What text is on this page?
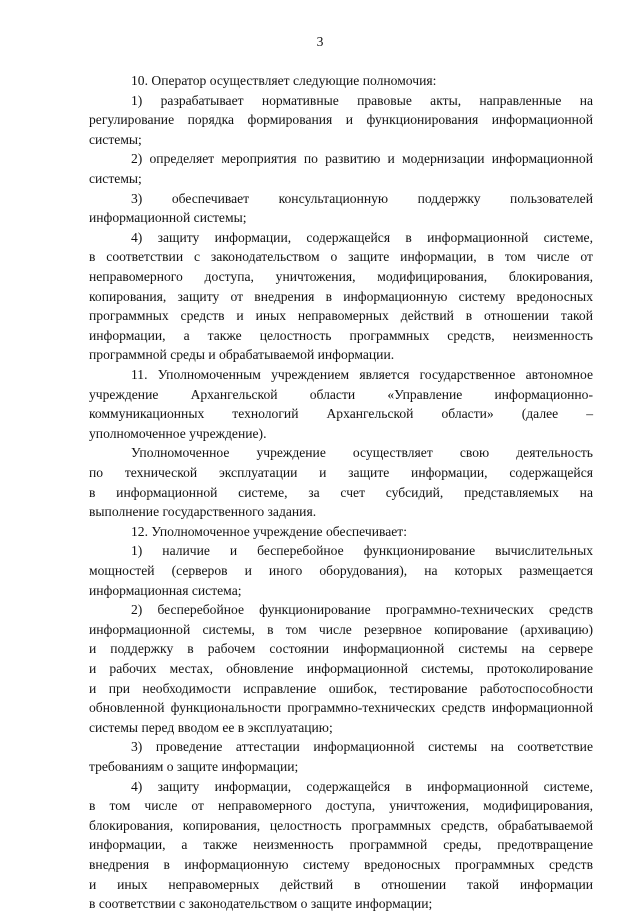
3
10. Оператор осуществляет следующие полномочия:
1) разрабатывает нормативные правовые акты, направленные на
регулирование порядка формирования и функционирования информационной
системы;
2) определяет мероприятия по развитию и модернизации информационной
системы;
3) обеспечивает консультационную поддержку пользователей
информационной системы;
4) защиту информации, содержащейся в информационной системе,
в соответствии с законодательством о защите информации, в том числе от
неправомерного доступа, уничтожения, модифицирования, блокирования,
копирования, защиту от внедрения в информационную систему вредоносных
программных средств и иных неправомерных действий в отношении такой
информации, а также целостность программных средств, неизменность
программной среды и обрабатываемой информации.
11. Уполномоченным учреждением является государственное автономное
учреждение Архангельской области «Управление информационно-
коммуникационных технологий Архангельской области» (далее –
уполномоченное учреждение).
Уполномоченное учреждение осуществляет свою деятельность
по технической эксплуатации и защите информации, содержащейся
в информационной системе, за счет субсидий, представляемых на
выполнение государственного задания.
12. Уполномоченное учреждение обеспечивает:
1) наличие и бесперебойное функционирование вычислительных
мощностей (серверов и иного оборудования), на которых размещается
информационная система;
2) бесперебойное функционирование программно-технических средств
информационной системы, в том числе резервное копирование (архивацию)
и поддержку в рабочем состоянии информационной системы на сервере
и рабочих местах, обновление информационной системы, протоколирование
и при необходимости исправление ошибок, тестирование работоспособности
обновленной функциональности программно-технических средств информационной
системы перед вводом ее в эксплуатацию;
3) проведение аттестации информационной системы на соответствие
требованиям о защите информации;
4) защиту информации, содержащейся в информационной системе,
в том числе от неправомерного доступа, уничтожения, модифицирования,
блокирования, копирования, целостность программных средств, обрабатываемой
информации, а также неизменность программной среды, предотвращение
внедрения в информационную систему вредоносных программных средств
и иных неправомерных действий в отношении такой информации
в соответствии с законодательством о защите информации;
